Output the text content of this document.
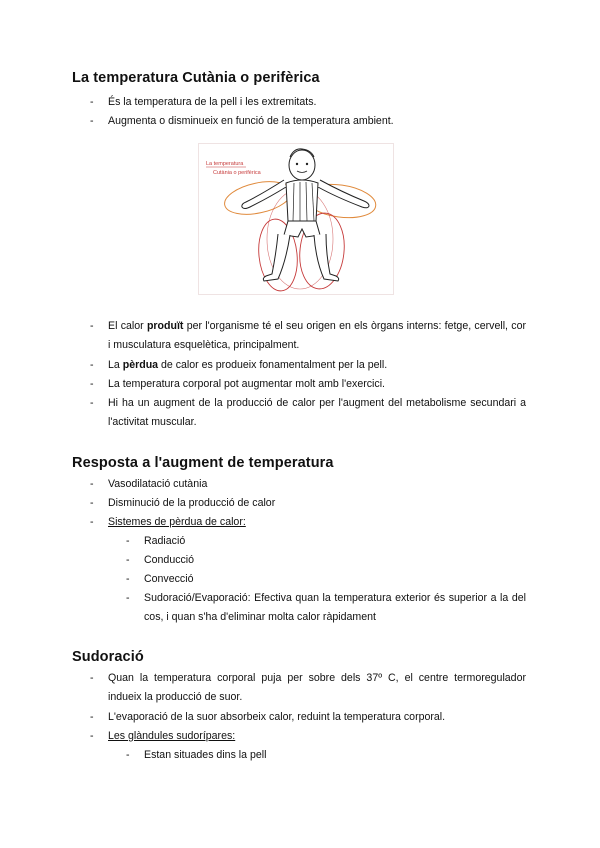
La temperatura Cutània o perifèrica
- És la temperatura de la pell i les extremitats.
- Augmenta o disminueix en funció de la temperatura ambient.
La temperatura
Cutània o perifèrica
- El calor produït per l'organisme té el seu origen en els òrgans interns: fetge, cervell, cor i musculatura esquelètica, principalment.
- La pèrdua de calor es produeix fonamentalment per la pell.
- La temperatura corporal pot augmentar molt amb l'exercici.
- Hi ha un augment de la producció de calor per l'augment del metabolisme secundari a l'activitat muscular.
Resposta a l'augment de temperatura
- Vasodilatació cutània
- Disminució de la producció de calor
- Sistemes de pèrdua de calor:
- Radiació
- Conducció
- Convecció
- Sudoració/Evaporació: Efectiva quan la temperatura exterior és superior a la del cos, i quan s'ha d'eliminar molta calor ràpidament
Sudoració
- Quan la temperatura corporal puja per sobre dels 37º C, el centre termoregulador indueix la producció de suor.
- L'evaporació de la suor absorbeix calor, reduint la temperatura corporal.
- Les glàndules sudorípares:
- Estan situades dins la pell
